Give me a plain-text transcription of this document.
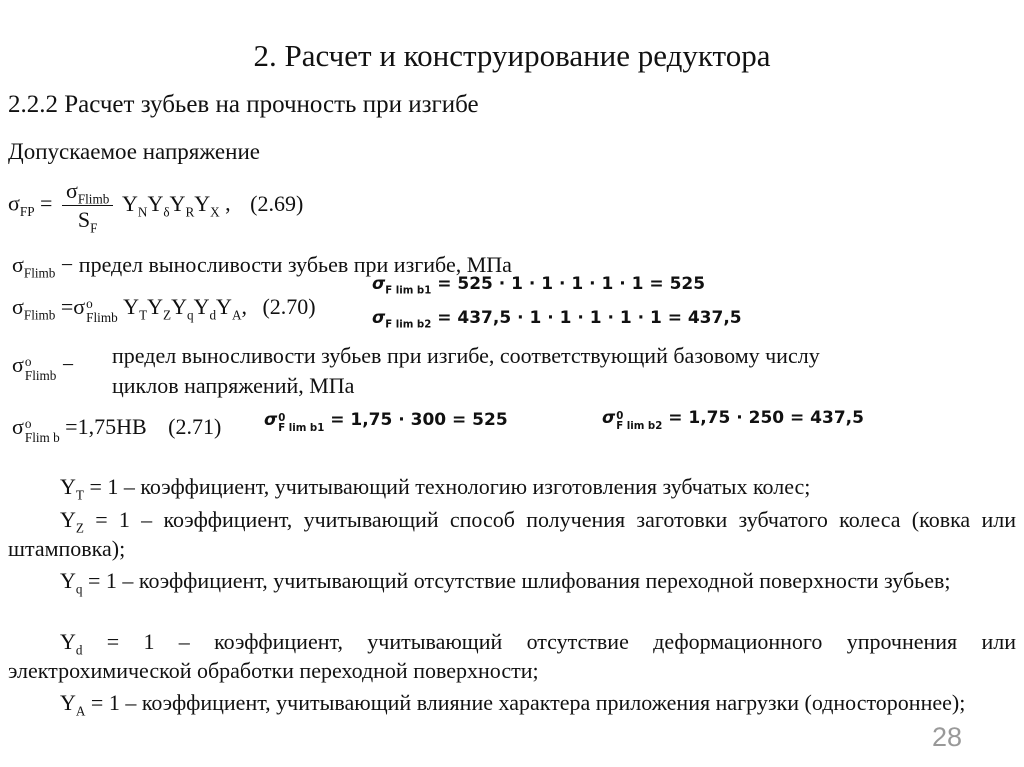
2. Расчет и конструирование редуктора
2.2.2 Расчет зубьев на прочность при изгибе
Допускаемое напряжение
$\sigma_{FP} = \frac{\sigma_{Flimb}}{S_F} Y_NY_\delta Y_RY_X$ , (2.69)
$\sigma_{Flimb}$ − предел выносливости зубьев при изгибе, МПа
$\sigma_{Flimb} =\sigma$ o
Flimb $Y_TY_ZY_qY_dY_A$, (2.70)
$\sigma_{F lim b1} = 525 \cdot 1 \cdot 1 \cdot 1 \cdot 1 \cdot 1 = 525$
$\sigma_{F lim b2} = 437,5 \cdot 1 \cdot 1 \cdot 1 \cdot 1 \cdot 1 = 437,5$
σ o
Flimb − предел выносливости зубьев при изгибе, соответствующий базовому числу
циклов напряжений, МПа
σ o
Flim b =1,75HB (2.71)	σ 0
F lim b1 = 1,75 · 300 = 525	σ 0
F lim b2 = 1,75 · 250 = 437,5
$Y_T = 1$ – коэффициент, учитывающий технологию изготовления зубчатых колес;
$Y_Z = 1$ – коэффициент, учитывающий способ получения заготовки зубчатого колеса (ковка или штамповка);
$Y_q = 1$ – коэффициент, учитывающий отсутствие шлифования переходной поверхности зубьев;
$Y_d = 1$ – коэффициент, учитывающий отсутствие деформационного упрочнения или электрохимической обработки переходной поверхности;
$Y_A = 1$ – коэффициент, учитывающий влияние характера приложения нагрузки (одностороннее);
28
